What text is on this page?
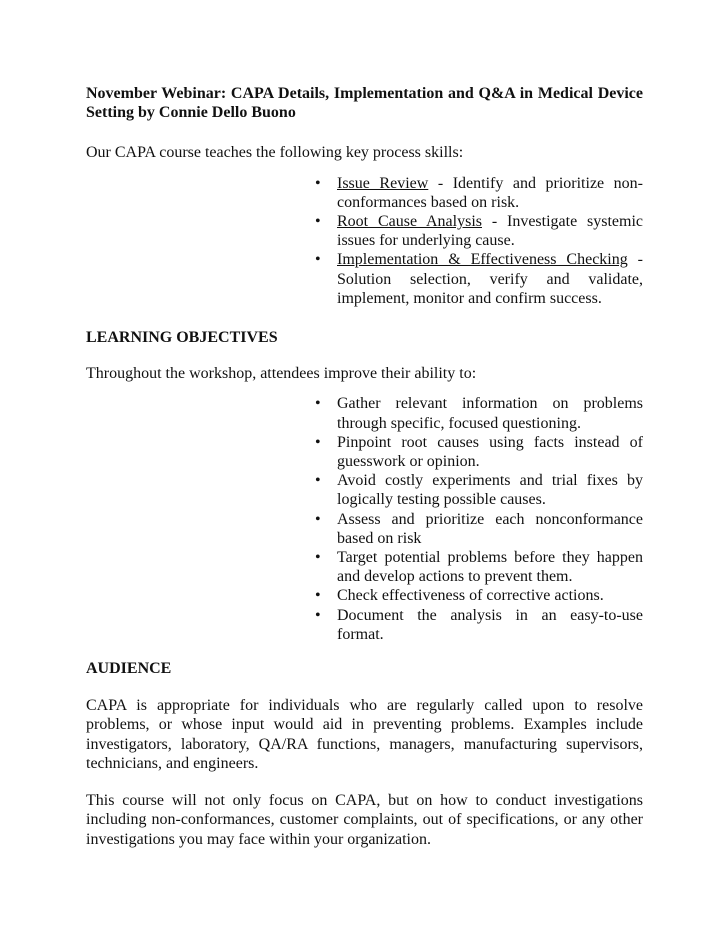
November Webinar: CAPA Details, Implementation and Q&A in Medical Device Setting by Connie Dello Buono

Our CAPA course teaches the following key process skills:

• Issue Review - Identify and prioritize non-conformances based on risk.
• Root Cause Analysis - Investigate systemic issues for underlying cause.
• Implementation & Effectiveness Checking - Solution selection, verify and validate, implement, monitor and confirm success.

LEARNING OBJECTIVES

Throughout the workshop, attendees improve their ability to:

• Gather relevant information on problems through specific, focused questioning.
• Pinpoint root causes using facts instead of guesswork or opinion.
• Avoid costly experiments and trial fixes by logically testing possible causes.
• Assess and prioritize each nonconformance based on risk
• Target potential problems before they happen and develop actions to prevent them.
• Check effectiveness of corrective actions.
• Document the analysis in an easy-to-use format.

AUDIENCE

CAPA is appropriate for individuals who are regularly called upon to resolve problems, or whose input would aid in preventing problems. Examples include investigators, laboratory, QA/RA functions, managers, manufacturing supervisors, technicians, and engineers.

This course will not only focus on CAPA, but on how to conduct investigations including non-conformances, customer complaints, out of specifications, or any other investigations you may face within your organization.
